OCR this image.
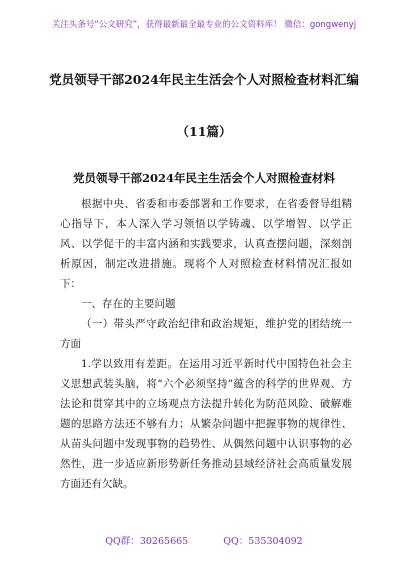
关注头条号“公文研究”，获得最新最全最专业的公文资料库！ 微信：gongwenyj
党员领导干部2024年民主生活会个人对照检查材料汇编
（11篇）
党员领导干部2024年民主生活会个人对照检查材料

根据中央、省委和市委部署和工作要求，在省委督导组精心指导下，本人深入学习领悟以学铸魂、以学增智、以学正风、以学促干的丰富内涵和实践要求，认真查摆问题，深刻剖析原因，制定改进措施。现将个人对照检查材料情况汇报如下：

一、存在的主要问题

（一）带头严守政治纪律和政治规矩，维护党的团结统一方面

1.学以致用有差距。在运用习近平新时代中国特色社会主义思想武装头脑，将“六个必须坚持”蕴含的科学的世界观、方法论和贯穿其中的立场观点方法提升转化为防范风险、破解难题的思路方法还不够有力；从繁杂问题中把握事物的规律性、从苗头问题中发现事物的趋势性、从偶然问题中认识事物的必然性，进一步适应新形势新任务推动县域经济社会高质量发展方面还有欠缺。

QQ群：30265665	QQ：535304092
